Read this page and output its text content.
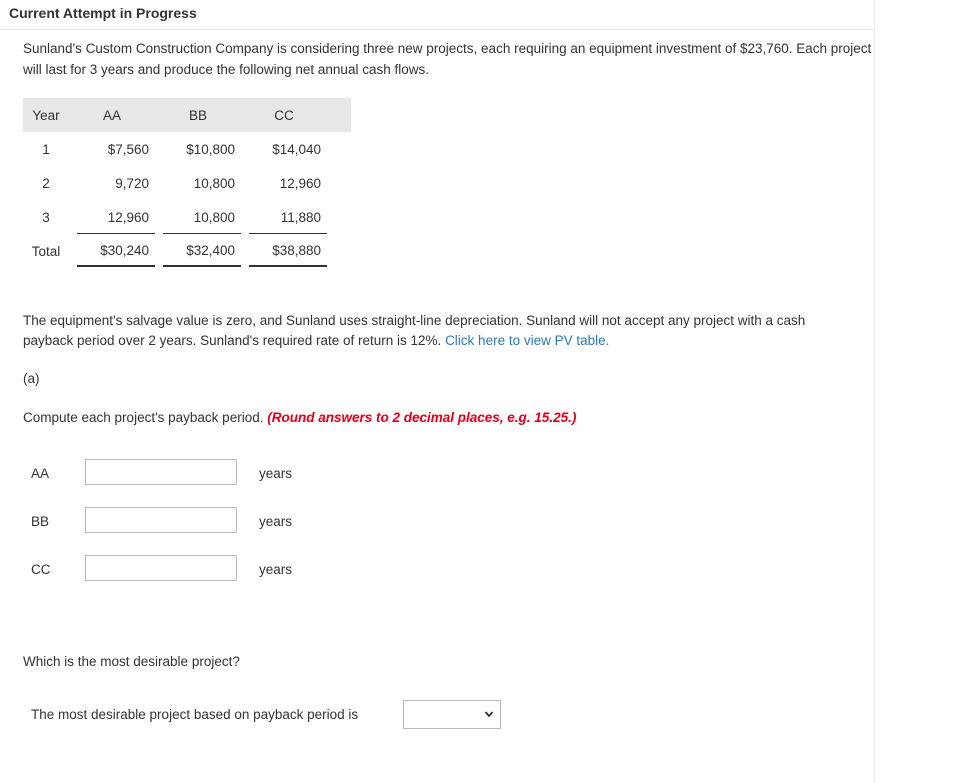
Current Attempt in Progress
Sunland's Custom Construction Company is considering three new projects, each requiring an equipment investment of $23,760. Each project will last for 3 years and produce the following net annual cash flows.
Year	AA	BB	CC	
1	$7,560	$10,800	$14,040	

2	9,720	10,800	12,960	

3	12,960	10,800	11,880	

Total	$30,240	$32,400	$38,880	

The equipment's salvage value is zero, and Sunland uses straight-line depreciation. Sunland will not accept any project with a cash payback period over 2 years. Sunland's required rate of return is 12%. Click here to view PV table.
(a)
Compute each project's payback period. (Round answers to 2 decimal places, e.g. 15.25.)
AA	years
BB	years
CC	years
Which is the most desirable project?
The most desirable project based on payback period is
